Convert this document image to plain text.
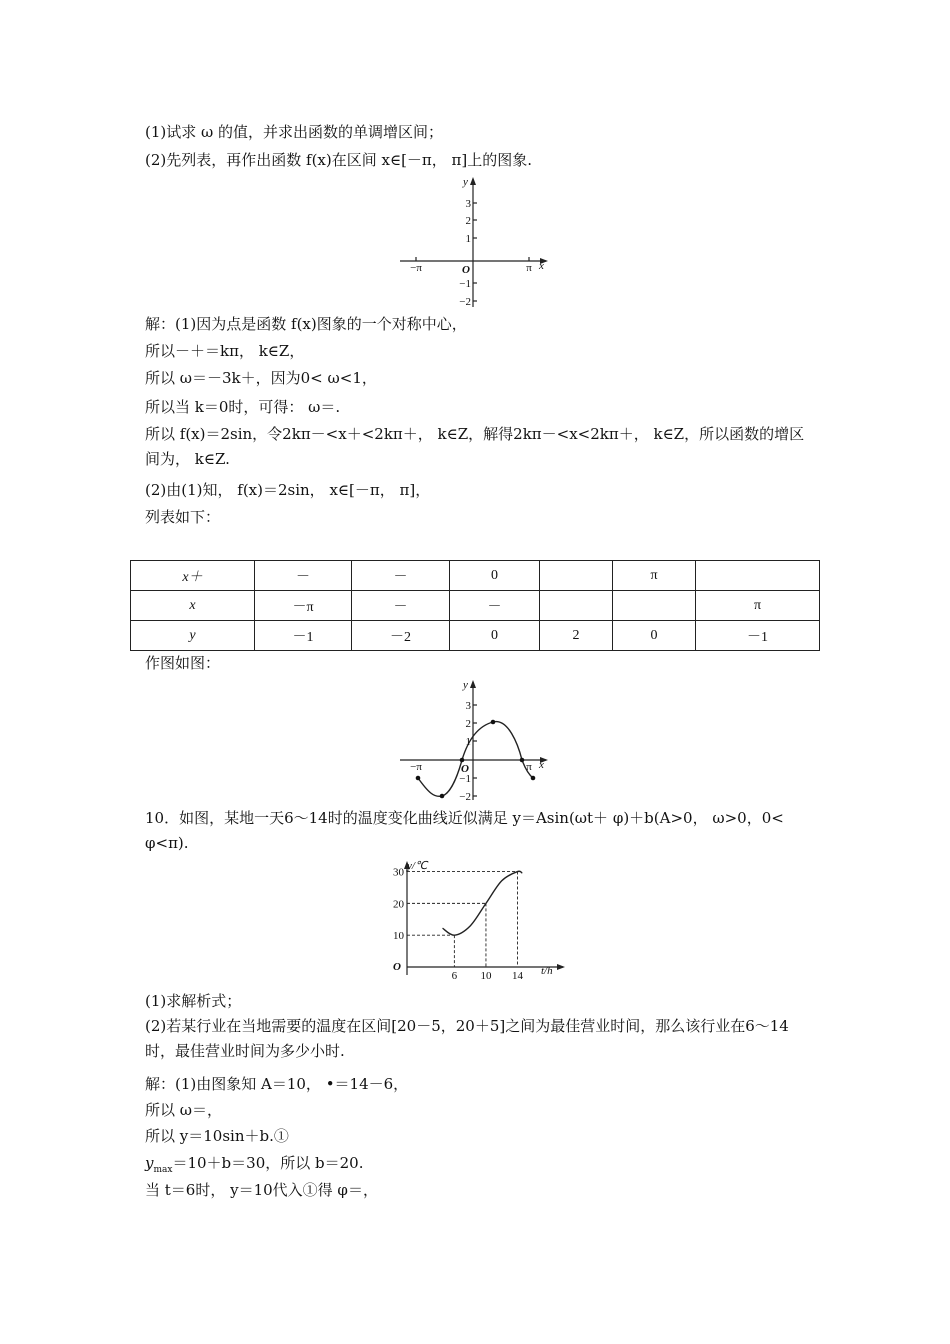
(1)试求 ω 的值，并求出函数的单调增区间；
(2)先列表，再作出函数 f(x)在区间 x∈[－π， π]上的图象.
y
x
3
2
1
−1
−2
−π	O	π
解：(1)因为点是函数 f(x)图象的一个对称中心，
所以－＋＝kπ， k∈Z，
所以 ω＝－3k＋，因为0< ω<1，
所以当 k＝0时，可得： ω＝.
所以 f(x)＝2sin，令2kπ－<x＋<2kπ＋， k∈Z，解得2kπ－<x<2kπ＋， k∈Z，所以函数的增区间为， k∈Z.
(2)由(1)知， f(x)＝2sin， x∈[－π， π]，
列表如下：
x＋	－	－	0		π	
x	－π	－	－			π
y	－1	－2	0	2	0	－1
作图如图：
y
x
3
2
1
−1
−2
−π	O	π
10．如图，某地一天6～14时的温度变化曲线近似满足 y＝Asin(ωt＋ φ)＋b(A>0， ω>0，0< φ<π).
y/℃
t/h
O
10
20
30
6 10 14
(1)求解析式；
(2)若某行业在当地需要的温度在区间[20－5，20＋5]之间为最佳营业时间，那么该行业在6～14时，最佳营业时间为多少小时.
解：(1)由图象知 A＝10， •＝14－6，
所以 ω＝，
所以 y＝10sin＋b.①
$y_{max}=10+b=30$，所以 b＝20.
当 t＝6时， y＝10代入①得 φ＝，
